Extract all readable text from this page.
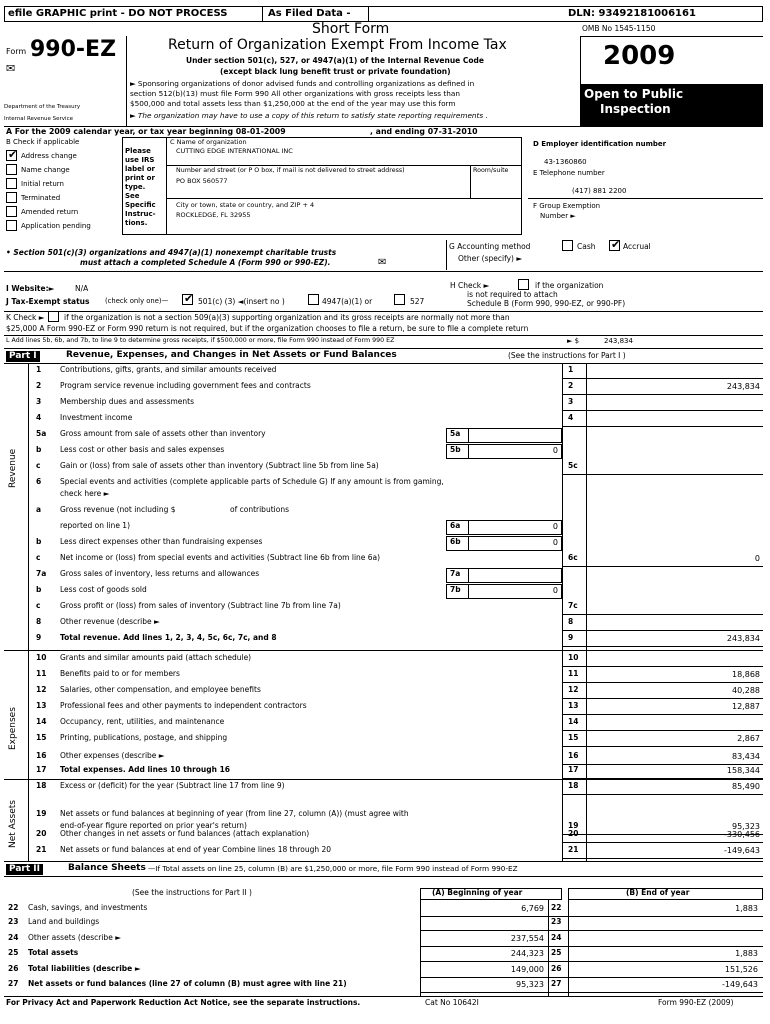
efile GRAPHIC print - DO NOT PROCESS	As Filed Data -	DLN: 93492181006161
Short Form	OMB No 1545-1150
Form 990-EZ
✉
Department of the Treasury
Internal Revenue Service
Return of Organization Exempt From Income Tax
Under section 501(c), 527, or 4947(a)(1) of the Internal Revenue Code
(except black lung benefit trust or private foundation)
► Sponsoring organizations of donor advised funds and controlling organizations as defined in
section 512(b)(13) must file Form 990 All other organizations with gross receipts less than
$500,000 and total assets less than $1,250,000 at the end of the year may use this form
► The organization may have to use a copy of this return to satisfy state reporting requirements .
2009
Open to Public
Inspection
A For the 2009 calendar year, or tax year beginning 08-01-2009	, and ending 07-31-2010
B Check if applicable
✔ Address change
Name change
Initial return
Terminated
Amended return
Application pending
Please
use IRS
label or
print or
type.
See
Specific
Instruc-
tions.
C Name of organization
CUTTING EDGE INTERNATIONAL INC
Number and street (or P O box, if mail is not delivered to street address)	Room/suite
PO BOX 560577
City or town, state or country, and ZIP + 4
ROCKLEDGE, FL 32955
D Employer identification number
43-1360860
E Telephone number
(417) 881 2200
F Group Exemption
Number ►
• Section 501(c)(3) organizations and 4947(a)(1) nonexempt charitable trusts
must attach a completed Schedule A (Form 990 or 990-EZ).	✉
G Accounting method	Cash ✔ Accrual
Other (specify) ►
I Website:►	N/A	H Check ►	if the organization
is not required to attach
Schedule B (Form 990, 990-EZ, or 990-PF)
J Tax-Exempt status (check only one)— ✔ 501(c) (3) ◄(insert no )	4947(a)(1) or	527
K Check ►	if the organization is not a section 509(a)(3) supporting organization and its gross receipts are normally not more than
$25,000 A Form 990-EZ or Form 990 return is not required, but if the organization chooses to file a return, be sure to file a complete return
L Add lines 5b, 6b, and 7b, to line 9 to determine gross receipts, if $500,000 or more, file Form 990 instead of Form 990 EZ	► $	243,834
Part I	Revenue, Expenses, and Changes in Net Assets or Fund Balances	(See the instructions for Part I )
Revenue
Expenses
Net Assets
1	Contributions, gifts, grants, and similar amounts received	1
2	Program service revenue including government fees and contracts	2	243,834
3	Membership dues and assessments	3
4	Investment income	4
5a Gross amount from sale of assets other than inventory	5a
b Less cost or other basis and sales expenses	5b	0
c	Gain or (loss) from sale of assets other than inventory (Subtract line 5b from line 5a)	5c
6	Special events and activities (complete applicable parts of Schedule G) If any amount is from gaming,
check here ►
a	Gross revenue (not including $	of contributions
reported on line 1)	6a	0
b Less direct expenses other than fundraising expenses	6b	0
c	Net income or (loss) from special events and activities (Subtract line 6b from line 6a)	6c	0
7a Gross sales of inventory, less returns and allowances	7a
b Less cost of goods sold	7b	0
c	Gross profit or (loss) from sales of inventory (Subtract line 7b from line 7a)	7c
8	Other revenue (describe ►	8
9	Total revenue. Add lines 1, 2, 3, 4, 5c, 6c, 7c, and 8	9	243,834
10 Grants and similar amounts paid (attach schedule)	10
11 Benefits paid to or for members	11	18,868
12 Salaries, other compensation, and employee benefits	12	40,288
13 Professional fees and other payments to independent contractors	13	12,887
14 Occupancy, rent, utilities, and maintenance	14
15 Printing, publications, postage, and shipping	15	2,867
16 Other expenses (describe ►	16	83,434
17 Total expenses. Add lines 10 through 16	17	158,344
18 Excess or (deficit) for the year (Subtract line 17 from line 9)	18	85,490
19 Net assets or fund balances at beginning of year (from line 27, column (A)) (must agree with
end-of-year figure reported on prior year's return)	19	95,323
20 Other changes in net assets or fund balances (attach explanation)	20	-330,456
21 Net assets or fund balances at end of year Combine lines 18 through 20	21	-149,643
Part II	Balance Sheets —If Total assets on line 25, column (B) are $1,250,000 or more, file Form 990 instead of Form 990-EZ
(See the instructions for Part II )	(A) Beginning of year	(B) End of year
22 Cash, savings, and investments	6,769 22	1,883
23 Land and buildings	23
24 Other assets (describe ►	237,554 24
25 Total assets	244,323 25	1,883
26 Total liabilities (describe ►	149,000 26	151,526
27 Net assets or fund balances (line 27 of column (B) must agree with line 21)	95,323 27	-149,643
For Privacy Act and Paperwork Reduction Act Notice, see the separate instructions.	Cat No 10642I	Form 990-EZ (2009)
